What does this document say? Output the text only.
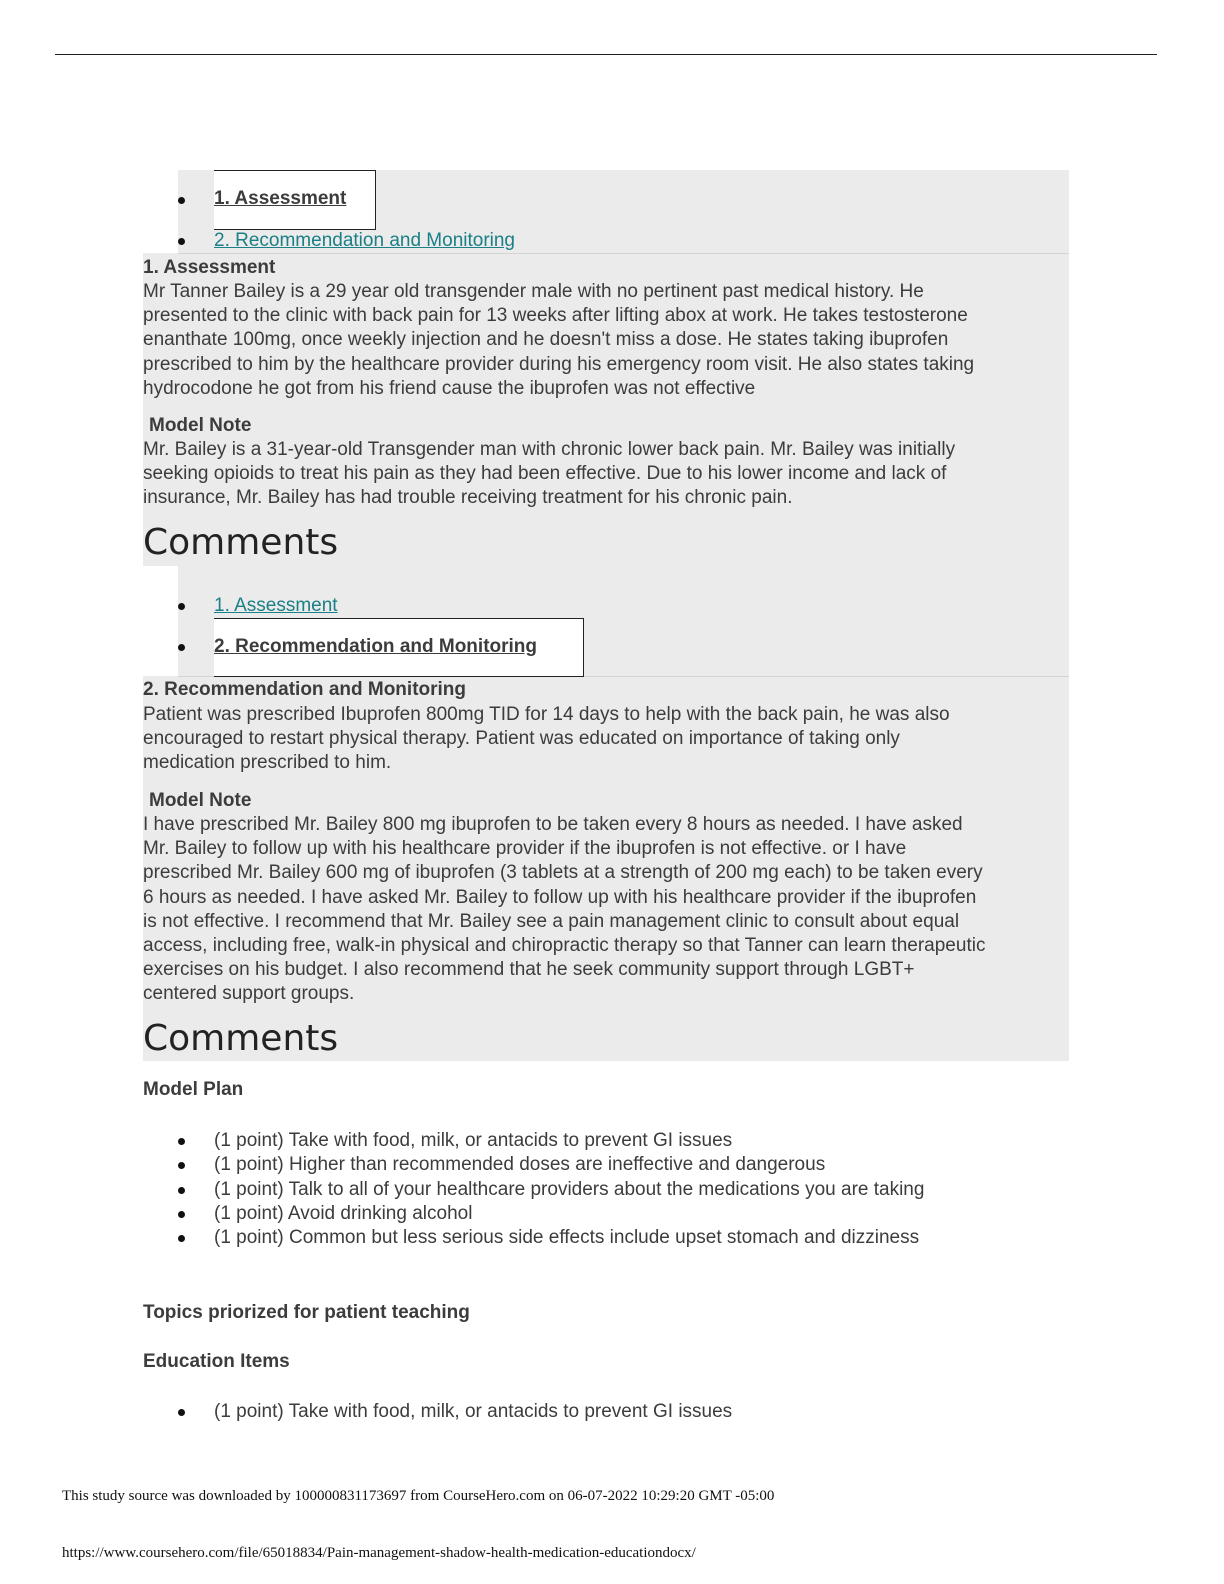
1. Assessment
2. Recommendation and Monitoring
1. Assessment
Mr Tanner Bailey is a 29 year old transgender male with no pertinent past medical history. He
presented to the clinic with back pain for 13 weeks after lifting abox at work. He takes testosterone
enanthate 100mg, once weekly injection and he doesn't miss a dose. He states taking ibuprofen
prescribed to him by the healthcare provider during his emergency room visit. He also states taking
hydrocodone he got from his friend cause the ibuprofen was not effective
Model Note
Mr. Bailey is a 31-year-old Transgender man with chronic lower back pain. Mr. Bailey was initially
seeking opioids to treat his pain as they had been effective. Due to his lower income and lack of
insurance, Mr. Bailey has had trouble receiving treatment for his chronic pain.
Comments
1. Assessment
2. Recommendation and Monitoring
2. Recommendation and Monitoring
Patient was prescribed Ibuprofen 800mg TID for 14 days to help with the back pain, he was also
encouraged to restart physical therapy. Patient was educated on importance of taking only
medication prescribed to him.
Model Note
I have prescribed Mr. Bailey 800 mg ibuprofen to be taken every 8 hours as needed. I have asked
Mr. Bailey to follow up with his healthcare provider if the ibuprofen is not effective. or I have
prescribed Mr. Bailey 600 mg of ibuprofen (3 tablets at a strength of 200 mg each) to be taken every
6 hours as needed. I have asked Mr. Bailey to follow up with his healthcare provider if the ibuprofen
is not effective. I recommend that Mr. Bailey see a pain management clinic to consult about equal
access, including free, walk-in physical and chiropractic therapy so that Tanner can learn therapeutic
exercises on his budget. I also recommend that he seek community support through LGBT+
centered support groups.
Comments
Model Plan
(1 point) Take with food, milk, or antacids to prevent GI issues
(1 point) Higher than recommended doses are ineffective and dangerous
(1 point) Talk to all of your healthcare providers about the medications you are taking
(1 point) Avoid drinking alcohol
(1 point) Common but less serious side effects include upset stomach and dizziness
Topics priorized for patient teaching
Education Items
(1 point) Take with food, milk, or antacids to prevent GI issues
This study source was downloaded by 100000831173697 from CourseHero.com on 06-07-2022 10:29:20 GMT -05:00
https://www.coursehero.com/file/65018834/Pain-management-shadow-health-medication-educationdocx/
